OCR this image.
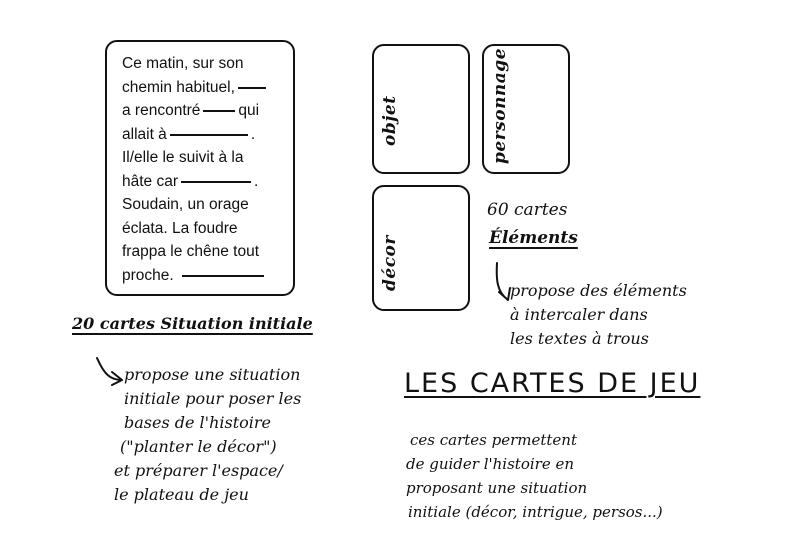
Ce matin, sur son
chemin habituel,
a rencontré qui
allait à	.
Il/elle le suivit à la
hâte car	.
Soudain, un orage
éclata. La foudre
frappa le chêne tout
proche.
objet	personnage
décor
60 cartes
Éléments
propose des éléments
à intercaler dans
les textes à trous
20 cartes Situation initiale
propose une situation
initiale pour poser les
bases de l'histoire
("planter le décor")
et préparer l'espace/
le plateau de jeu
LES CARTES DE JEU
ces cartes permettent
de guider l'histoire en
proposant une situation
initiale (décor, intrigue, persos...)
